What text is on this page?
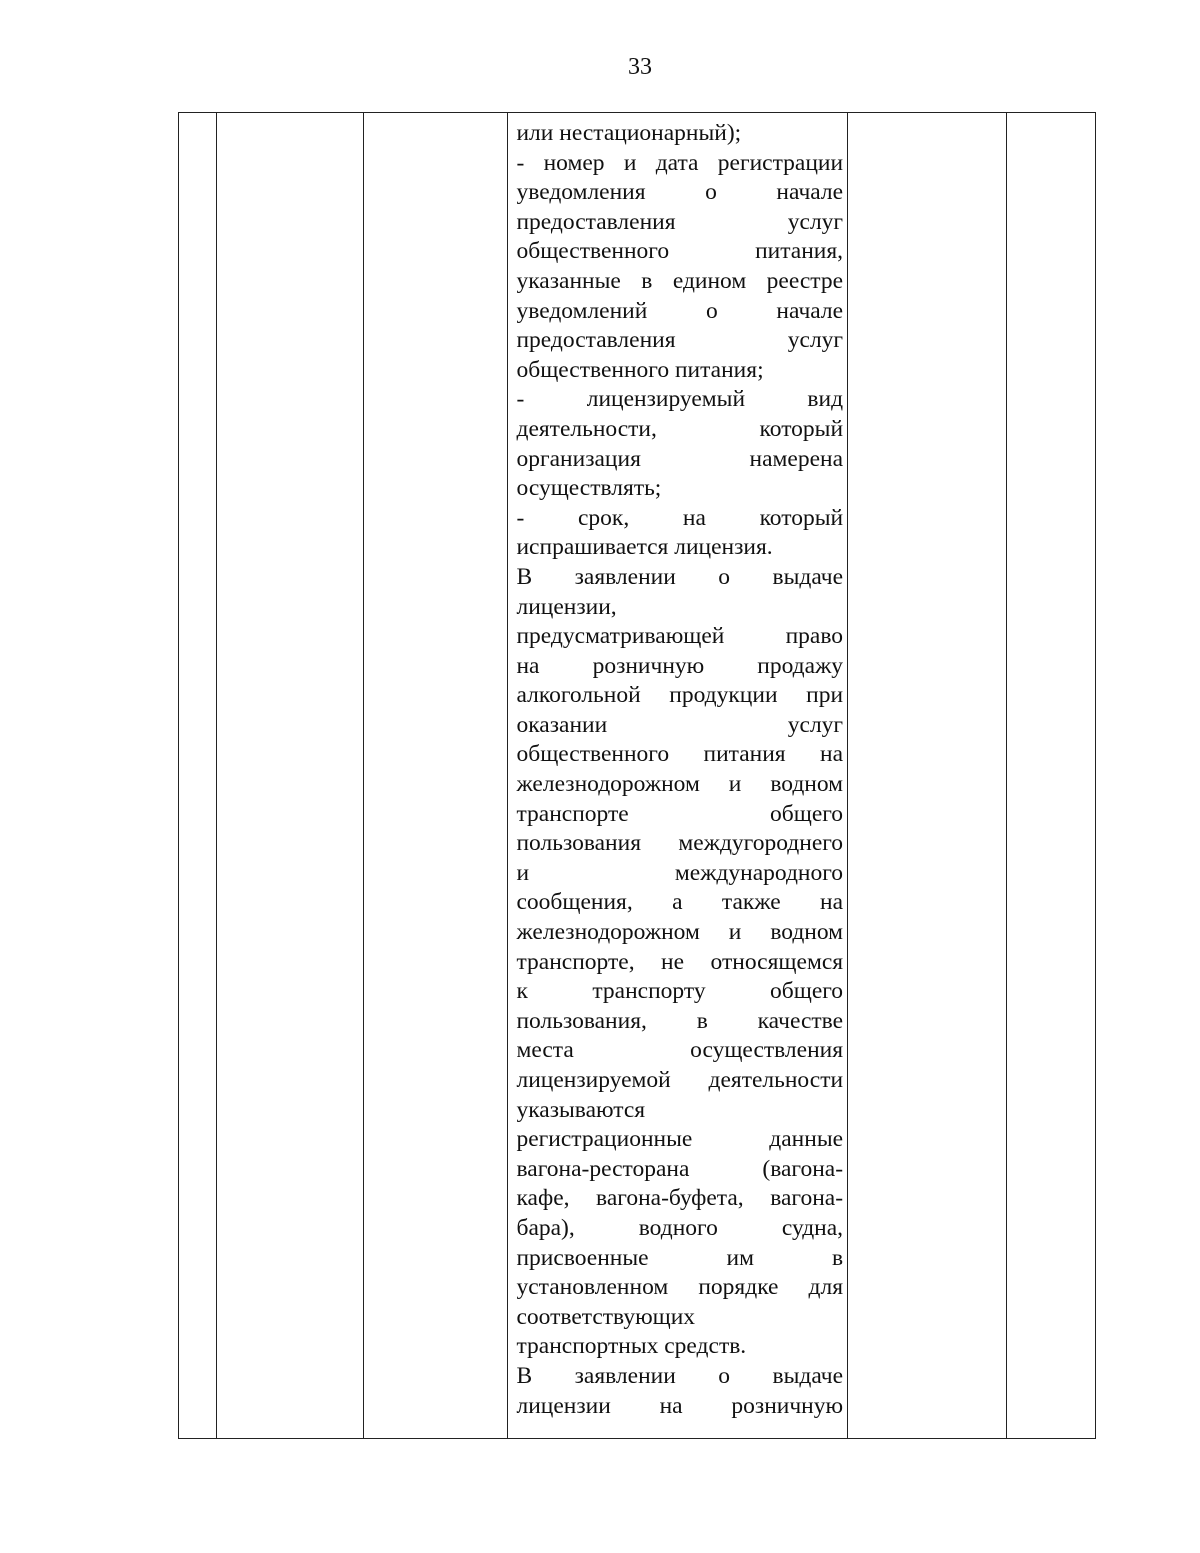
33

или нестационарный);
- номер и дата регистрации
уведомления о начале
предоставления услуг
общественного питания,
указанные в едином реестре
уведомлений о начале
предоставления услуг
общественного питания;
- лицензируемый вид
деятельности, который
организация намерена
осуществлять;
- срок, на который
испрашивается лицензия.
В заявлении о выдаче
лицензии,
предусматривающей право
на розничную продажу
алкогольной продукции при
оказании услуг
общественного питания на
железнодорожном и водном
транспорте общего
пользования междугороднего
и международного
сообщения, а также на
железнодорожном и водном
транспорте, не относящемся
к транспорту общего
пользования, в качестве
места осуществления
лицензируемой деятельности
указываются
регистрационные данные
вагона-ресторана (вагона-
кафе, вагона-буфета, вагона-
бара), водного судна,
присвоенные им в
установленном порядке для
соответствующих
транспортных средств.
В заявлении о выдаче
лицензии на розничную
